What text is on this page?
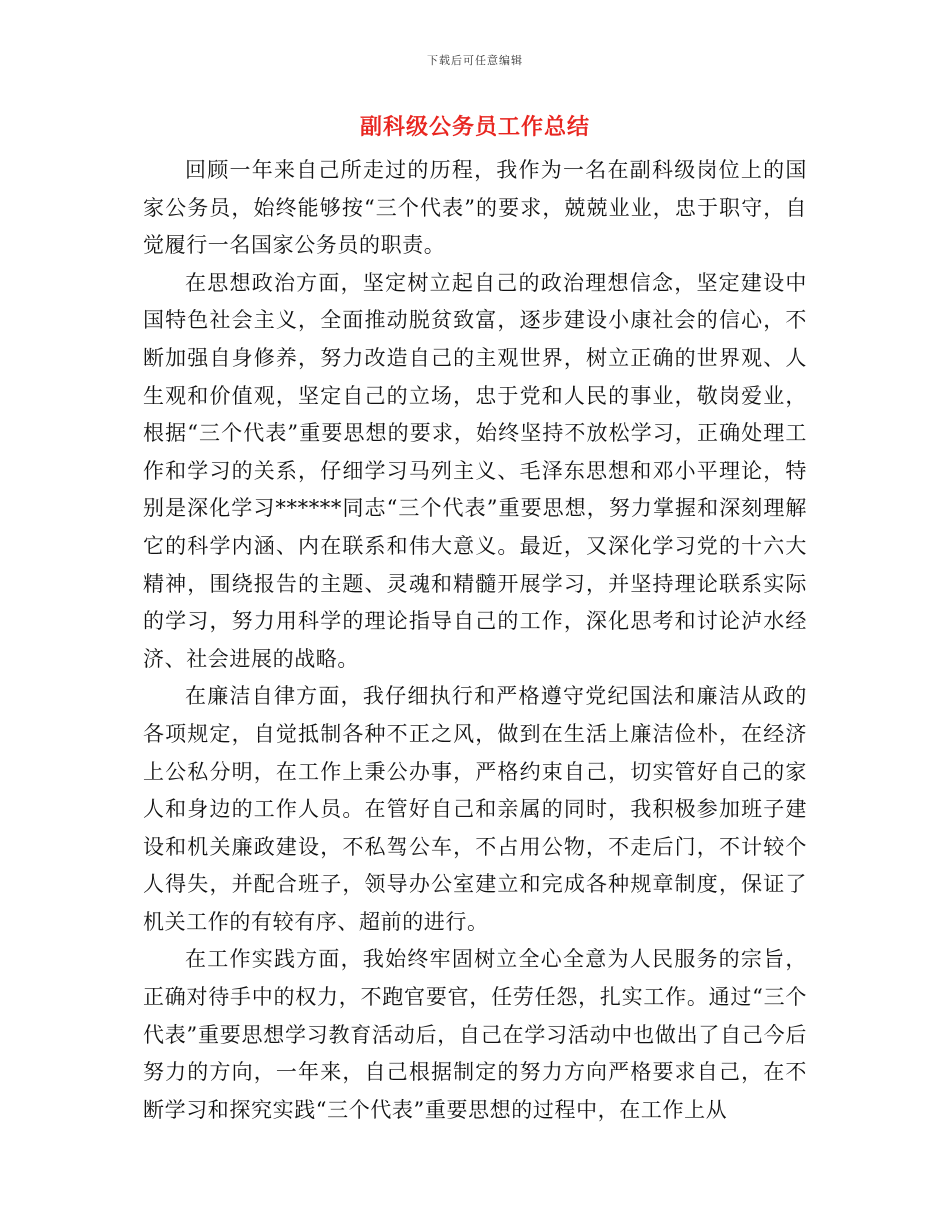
下载后可任意编辑
副科级公务员工作总结

回顾一年来自己所走过的历程，我作为一名在副科级岗位上的国家公务员，始终能够按“三个代表”的要求，兢兢业业，忠于职守，自觉履行一名国家公务员的职责。

在思想政治方面，坚定树立起自己的政治理想信念，坚定建设中国特色社会主义，全面推动脱贫致富，逐步建设小康社会的信心，不断加强自身修养，努力改造自己的主观世界，树立正确的世界观、人生观和价值观，坚定自己的立场，忠于党和人民的事业，敬岗爱业，根据“三个代表”重要思想的要求，始终坚持不放松学习，正确处理工作和学习的关系，仔细学习马列主义、毛泽东思想和邓小平理论，特别是深化学习******同志“三个代表”重要思想，努力掌握和深刻理解它的科学内涵、内在联系和伟大意义。最近，又深化学习党的十六大精神，围绕报告的主题、灵魂和精髓开展学习，并坚持理论联系实际的学习，努力用科学的理论指导自己的工作，深化思考和讨论泸水经济、社会进展的战略。

在廉洁自律方面，我仔细执行和严格遵守党纪国法和廉洁从政的各项规定，自觉抵制各种不正之风，做到在生活上廉洁俭朴，在经济上公私分明，在工作上秉公办事，严格约束自己，切实管好自己的家人和身边的工作人员。在管好自己和亲属的同时，我积极参加班子建设和机关廉政建设，不私驾公车，不占用公物，不走后门，不计较个人得失，并配合班子，领导办公室建立和完成各种规章制度，保证了机关工作的有较有序、超前的进行。

在工作实践方面，我始终牢固树立全心全意为人民服务的宗旨，正确对待手中的权力，不跑官要官，任劳任怨，扎实工作。通过“三个代表”重要思想学习教育活动后，自己在学习活动中也做出了自己今后努力的方向，一年来，自己根据制定的努力方向严格要求自己，在不断学习和探究实践“三个代表”重要思想的过程中，在工作上从
